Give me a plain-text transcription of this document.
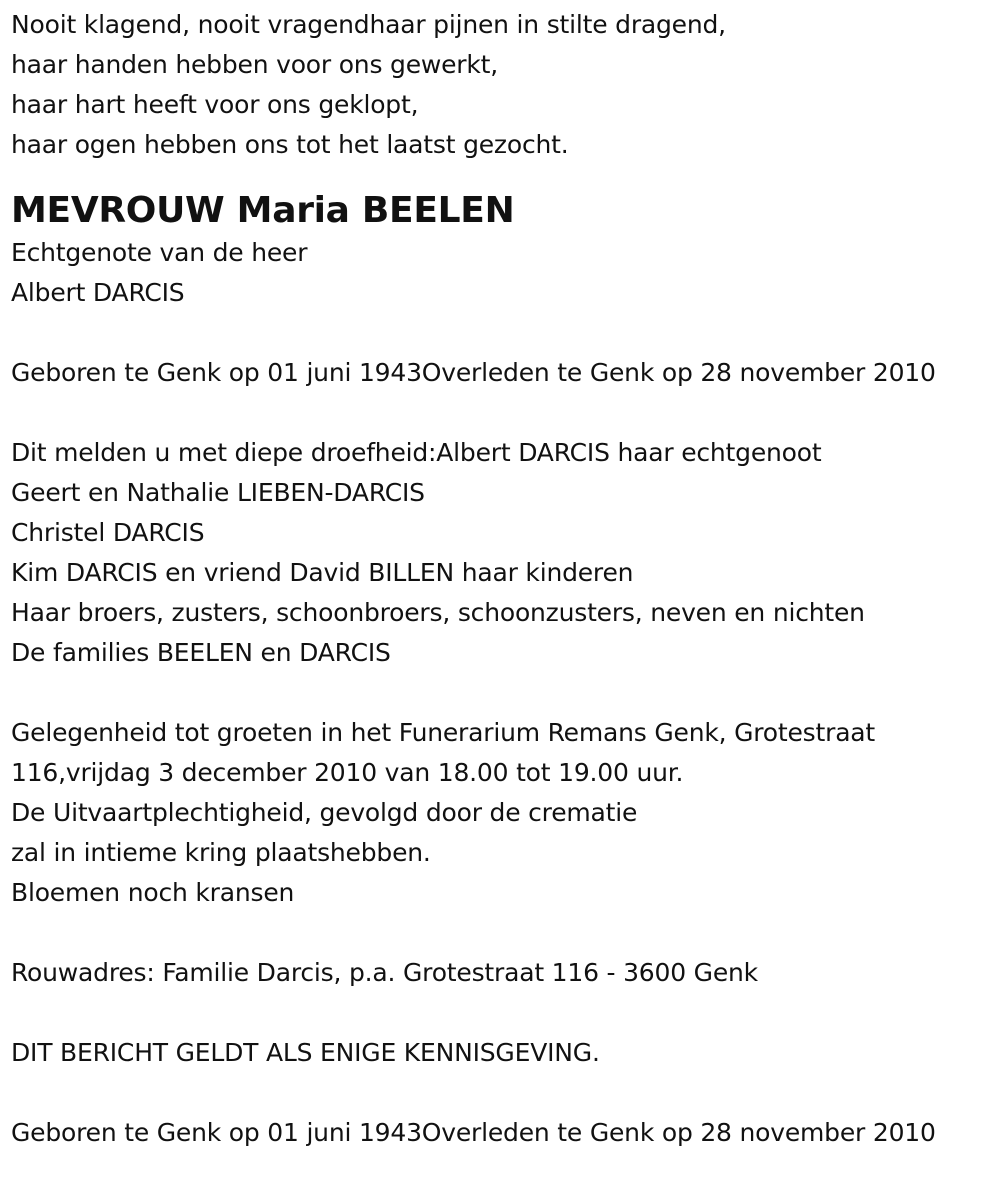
Nooit klagend, nooit vragendhaar pijnen in stilte dragend,
haar handen hebben voor ons gewerkt,
haar hart heeft voor ons geklopt,
haar ogen hebben ons tot het laatst gezocht.
MEVROUW Maria BEELEN
Echtgenote van de heer
Albert DARCIS
Geboren te Genk op 01 juni 1943Overleden te Genk op 28 november 2010
Dit melden u met diepe droefheid:Albert DARCIS haar echtgenoot
Geert en Nathalie LIEBEN-DARCIS
Christel DARCIS
Kim DARCIS en vriend David BILLEN haar kinderen
Haar broers, zusters, schoonbroers, schoonzusters, neven en nichten
De families BEELEN en DARCIS
Gelegenheid tot groeten in het Funerarium Remans Genk, Grotestraat
116,vrijdag 3 december 2010 van 18.00 tot 19.00 uur.
De Uitvaartplechtigheid, gevolgd door de crematie
zal in intieme kring plaatshebben.
Bloemen noch kransen
Rouwadres: Familie Darcis, p.a. Grotestraat 116 - 3600 Genk
DIT BERICHT GELDT ALS ENIGE KENNISGEVING.
Geboren te Genk op 01 juni 1943Overleden te Genk op 28 november 2010
